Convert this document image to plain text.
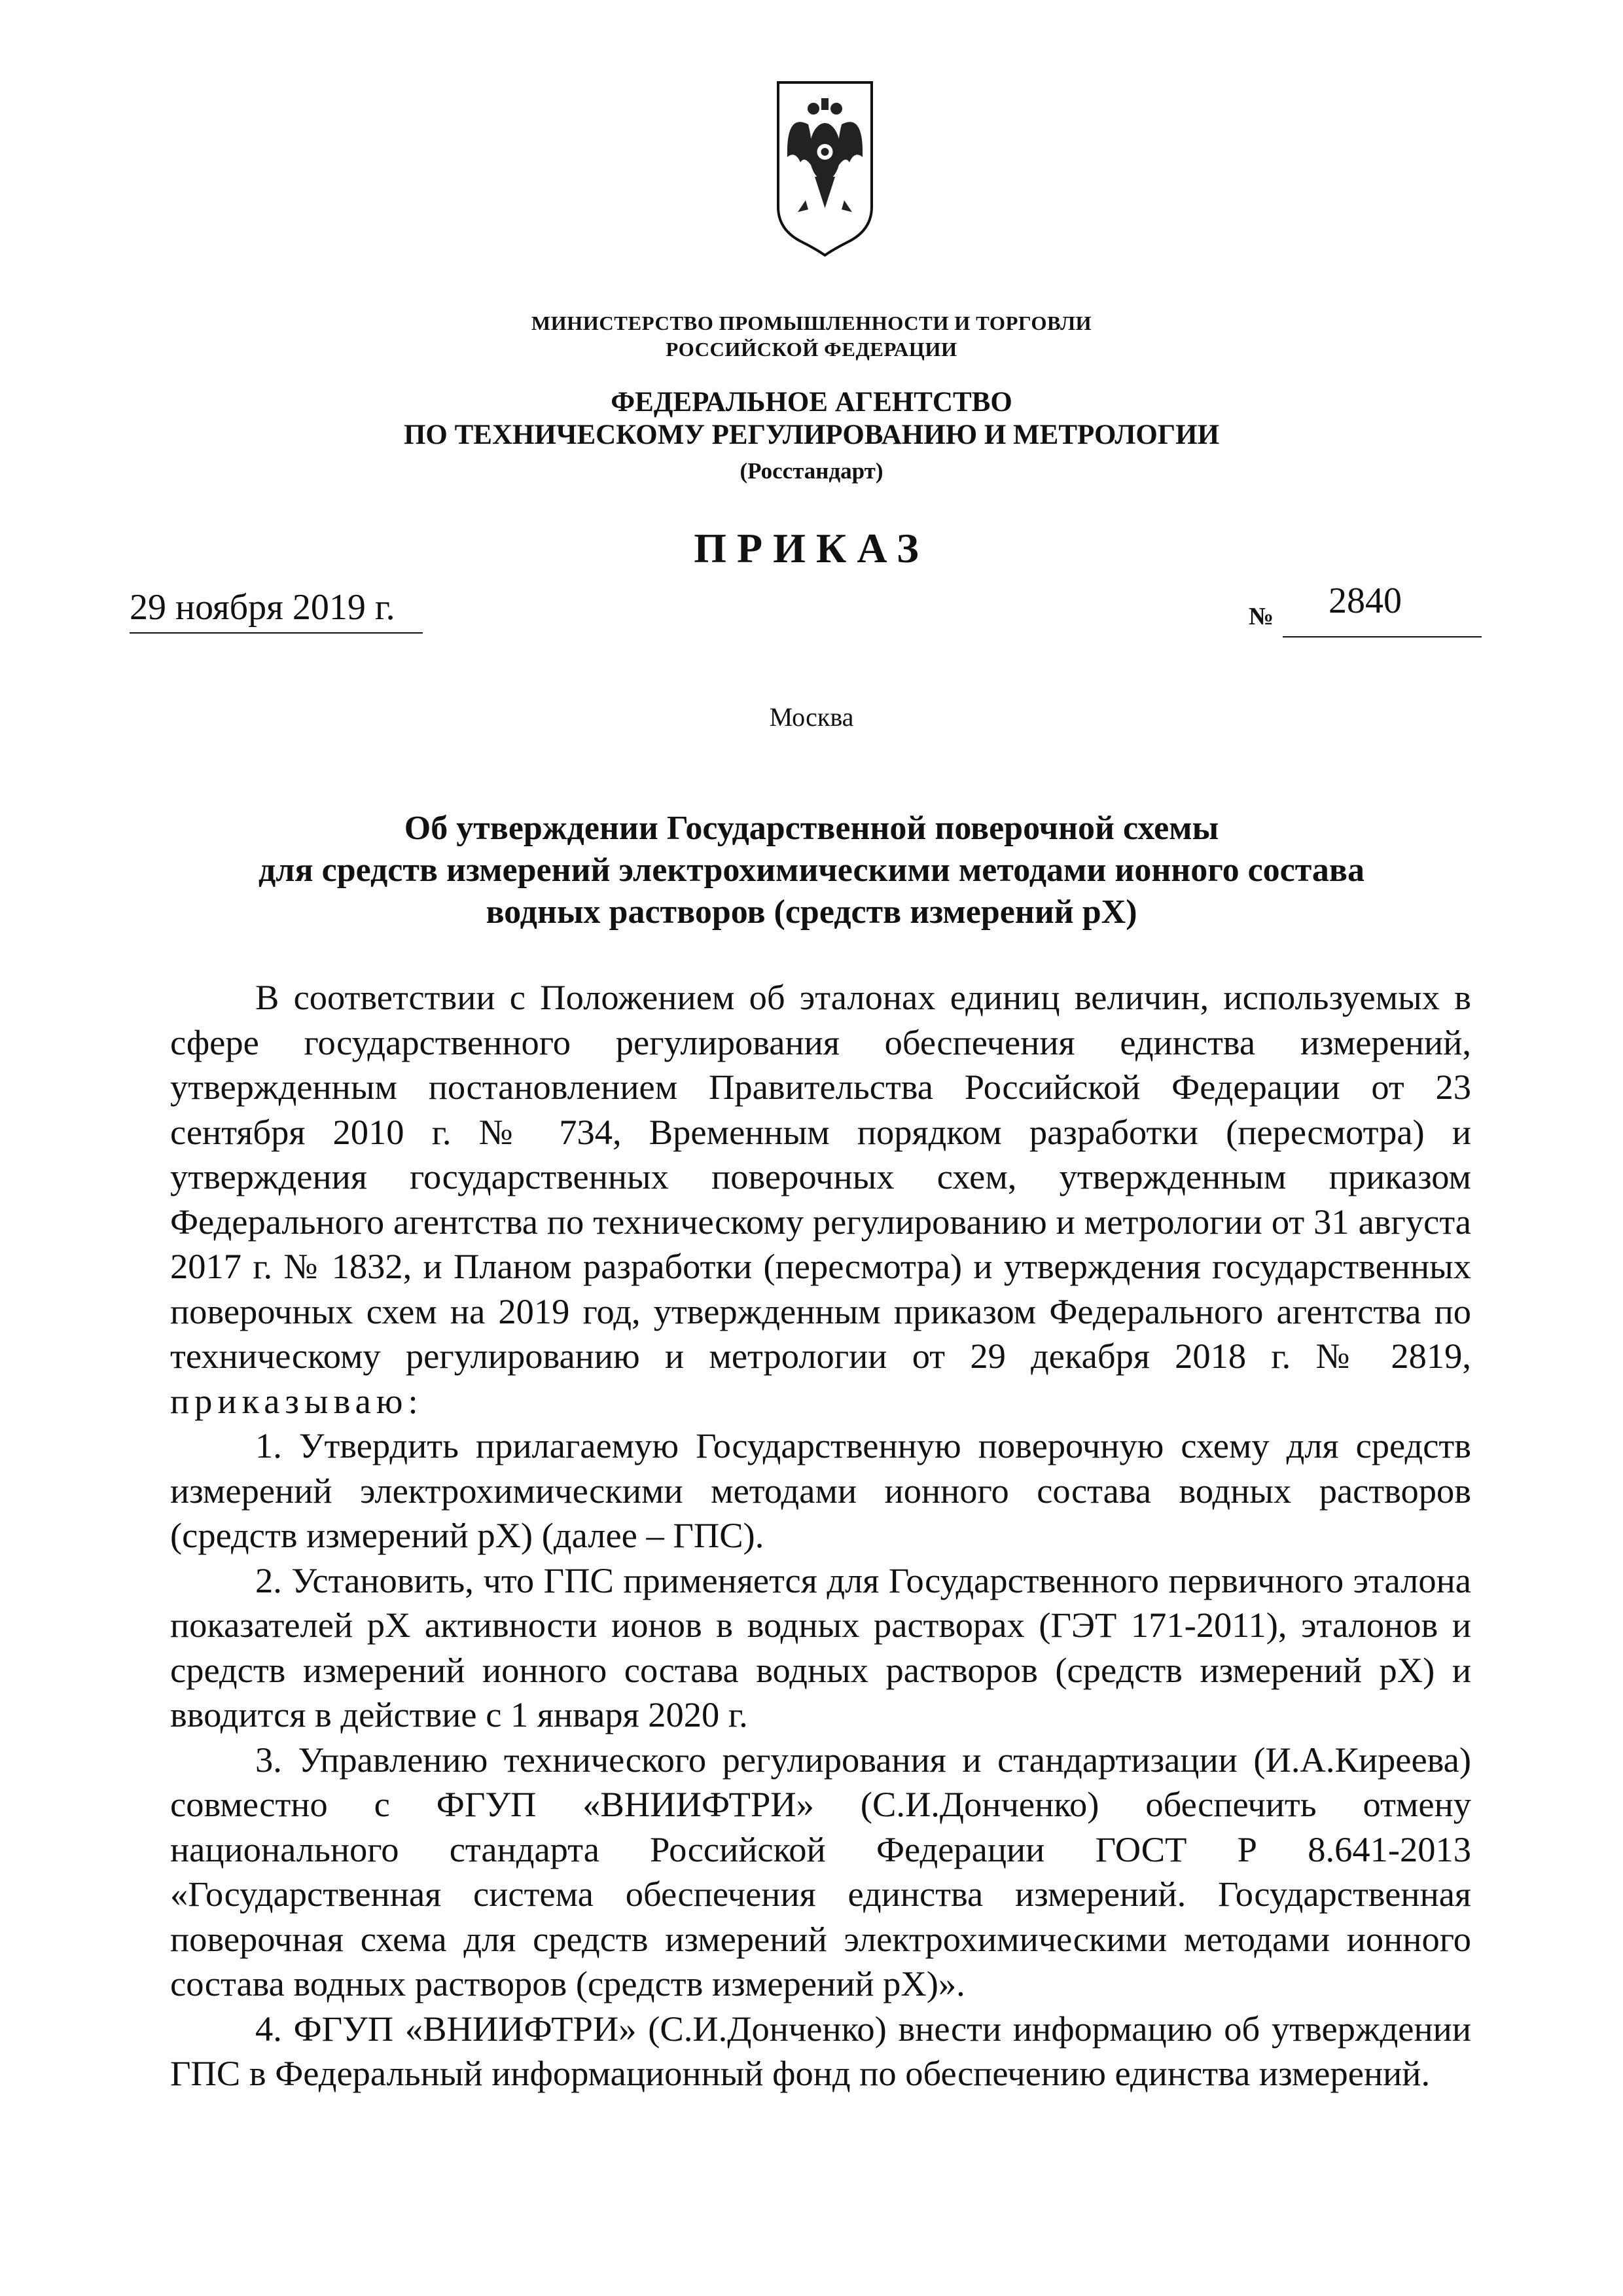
МИНИСТЕРСТВО ПРОМЫШЛЕННОСТИ И ТОРГОВЛИ
РОССИЙСКОЙ ФЕДЕРАЦИИ
ФЕДЕРАЛЬНОЕ АГЕНТСТВО
ПО ТЕХНИЧЕСКОМУ РЕГУЛИРОВАНИЮ И МЕТРОЛОГИИ
(Росстандарт)
ПРИКАЗ
29 ноября 2019 г.	№ 2840
Москва
Об утверждении Государственной поверочной схемы
для средств измерений электрохимическими методами ионного состава
водных растворов (средств измерений pX)

В соответствии с Положением об эталонах единиц величин, используемых в сфере государственного регулирования обеспечения единства измерений, утвержденным постановлением Правительства Российской Федерации от 23 сентября 2010 г. № 734, Временным порядком разработки (пересмотра) и утверждения государственных поверочных схем, утвержденным приказом Федерального агентства по техническому регулированию и метрологии от 31 августа 2017 г. № 1832, и Планом разработки (пересмотра) и утверждения государственных поверочных схем на 2019 год, утвержденным приказом Федерального агентства по техническому регулированию и метрологии от 29 декабря 2018 г. № 2819, приказываю:

1. Утвердить прилагаемую Государственную поверочную схему для средств измерений электрохимическими методами ионного состава водных растворов (средств измерений pX) (далее – ГПС).

2. Установить, что ГПС применяется для Государственного первичного эталона показателей pX активности ионов в водных растворах (ГЭТ 171-2011), эталонов и средств измерений ионного состава водных растворов (средств измерений pX) и вводится в действие с 1 января 2020 г.

3. Управлению технического регулирования и стандартизации (И.А.Киреева) совместно с ФГУП «ВНИИФТРИ» (С.И.Донченко) обеспечить отмену национального стандарта Российской Федерации ГОСТ Р 8.641-2013 «Государственная система обеспечения единства измерений. Государственная поверочная схема для средств измерений электрохимическими методами ионного состава водных растворов (средств измерений pX)».

4. ФГУП «ВНИИФТРИ» (С.И.Донченко) внести информацию об утверждении ГПС в Федеральный информационный фонд по обеспечению единства измерений.
